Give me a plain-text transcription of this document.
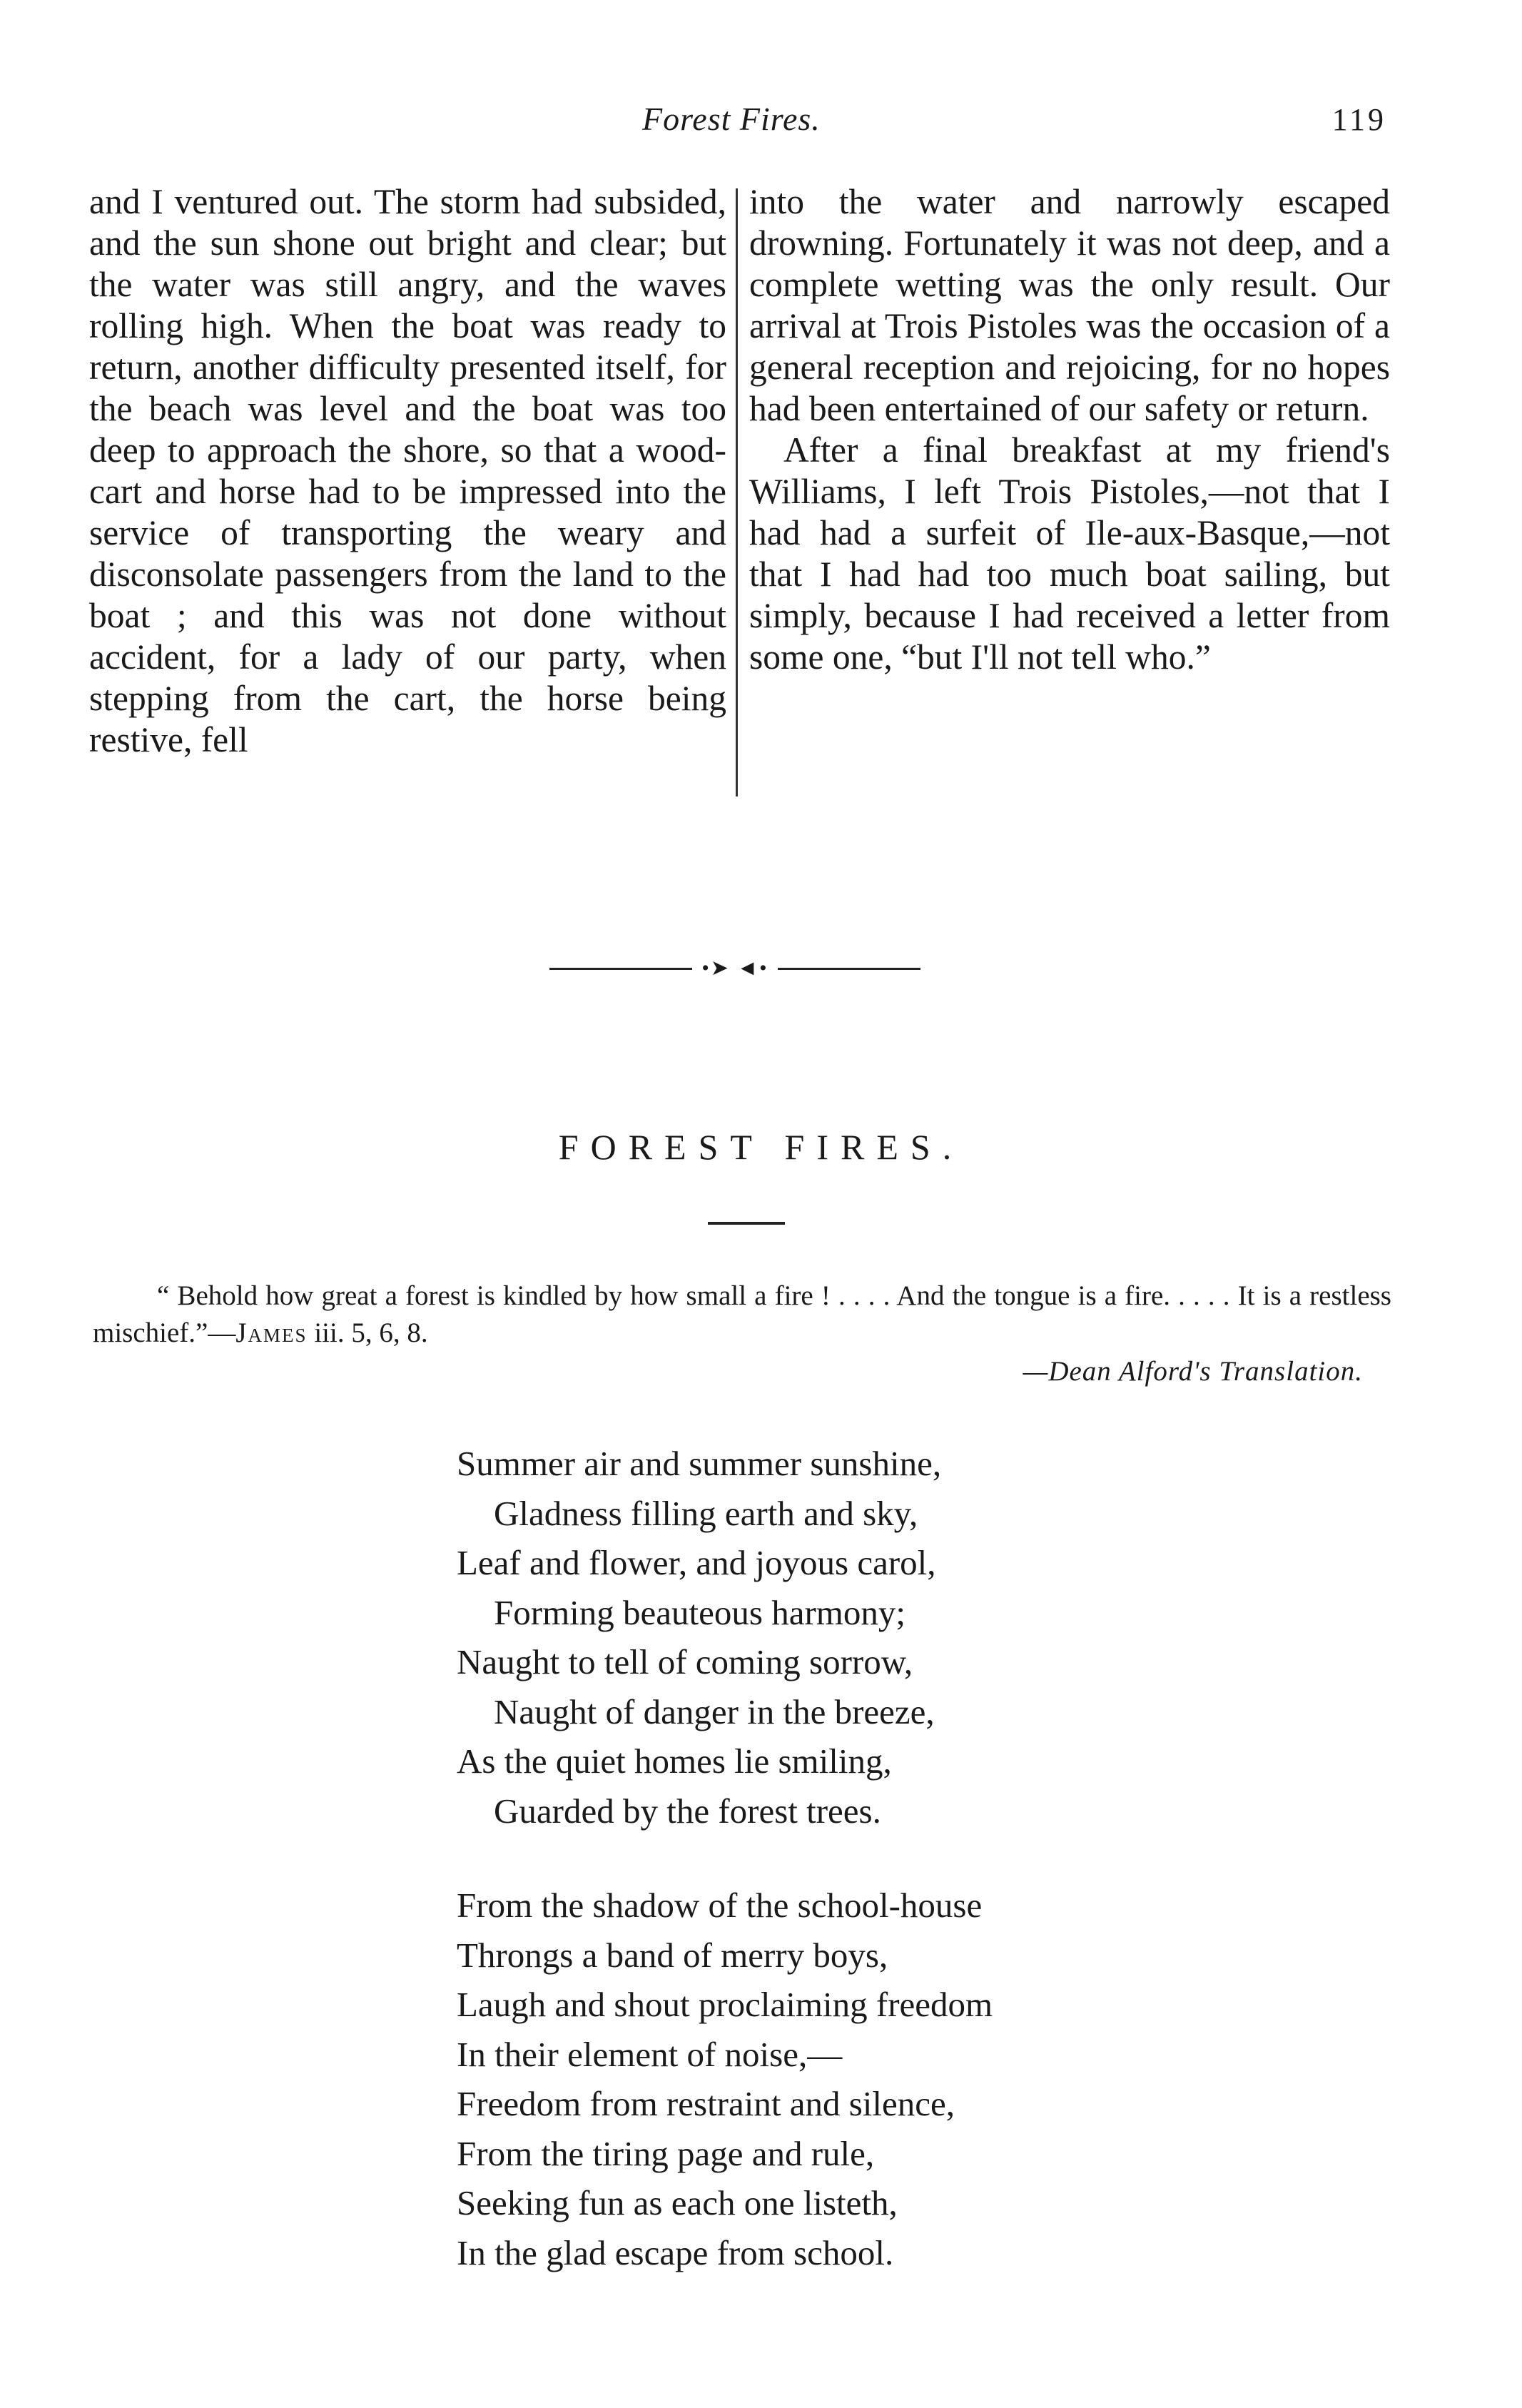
Forest Fires.	119

and I ventured out. The storm had subsided, and the sun shone out bright and clear; but the water was still angry, and the waves rolling high. When the boat was ready to return, another difficulty presented itself, for the beach was level and the boat was too deep to approach the shore, so that a wood-cart and horse had to be impressed into the service of transporting the weary and disconsolate passengers from the land to the boat ; and this was not done without accident, for a lady of our party, when stepping from the cart, the horse being restive, fell

into the water and narrowly escaped drowning. Fortunately it was not deep, and a complete wetting was the only result. Our arrival at Trois Pistoles was the occasion of a general reception and rejoicing, for no hopes had been entertained of our safety or return.

After a final breakfast at my friend's Williams, I left Trois Pistoles,—not that I had had a surfeit of Ile-aux-Basque,—not that I had had too much boat sailing, but simply, because I had received a letter from some one, “but I'll not tell who.”

•➤ ◄•
FOREST FIRES.
“ Behold how great a forest is kindled by how small a fire ! . . . . And the tongue is a fire. . . . . It is a restless mischief.”—James iii. 5, 6, 8.
—Dean Alford's Translation.
Summer air and summer sunshine,
Gladness filling earth and sky,
Leaf and flower, and joyous carol,
Forming beauteous harmony;
Naught to tell of coming sorrow,
Naught of danger in the breeze,
As the quiet homes lie smiling,
Guarded by the forest trees.
From the shadow of the school-house
Throngs a band of merry boys,
Laugh and shout proclaiming freedom
In their element of noise,—
Freedom from restraint and silence,
From the tiring page and rule,
Seeking fun as each one listeth,
In the glad escape from school.
